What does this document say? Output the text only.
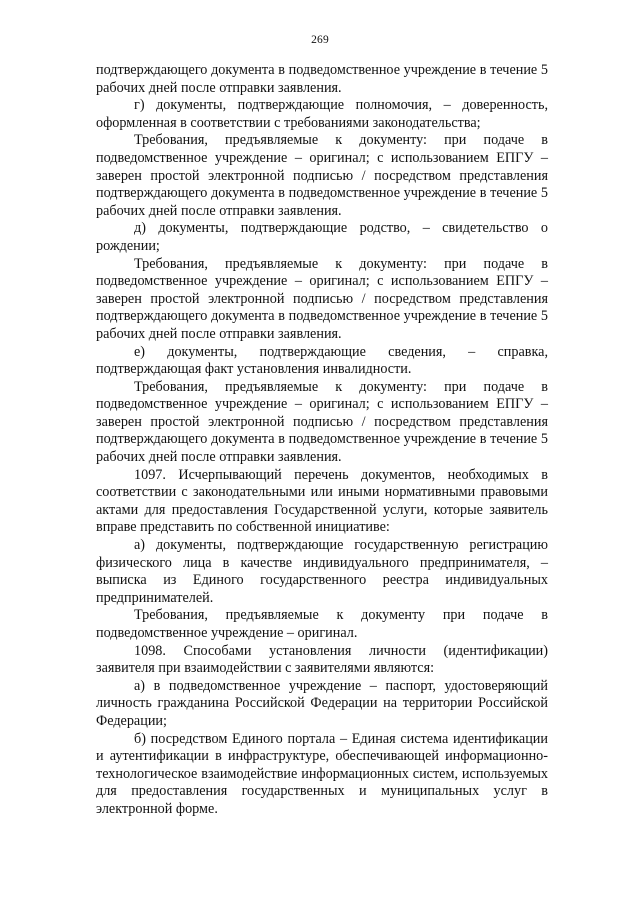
269

подтверждающего документа в подведомственное учреждение в течение 5 рабочих дней после отправки заявления.

г) документы, подтверждающие полномочия, – доверенность, оформленная в соответствии с требованиями законодательства;

Требования, предъявляемые к документу: при подаче в подведомственное учреждение – оригинал; с использованием ЕПГУ – заверен простой электронной подписью / посредством представления подтверждающего документа в подведомственное учреждение в течение 5 рабочих дней после отправки заявления.

д) документы, подтверждающие родство, – свидетельство о рождении;

Требования, предъявляемые к документу: при подаче в подведомственное учреждение – оригинал; с использованием ЕПГУ – заверен простой электронной подписью / посредством представления подтверждающего документа в подведомственное учреждение в течение 5 рабочих дней после отправки заявления.

е) документы, подтверждающие сведения, – справка, подтверждающая факт установления инвалидности.

Требования, предъявляемые к документу: при подаче в подведомственное учреждение – оригинал; с использованием ЕПГУ – заверен простой электронной подписью / посредством представления подтверждающего документа в подведомственное учреждение в течение 5 рабочих дней после отправки заявления.

1097. Исчерпывающий перечень документов, необходимых в соответствии с законодательными или иными нормативными правовыми актами для предоставления Государственной услуги, которые заявитель вправе представить по собственной инициативе:

а) документы, подтверждающие государственную регистрацию физического лица в качестве индивидуального предпринимателя, – выписка из Единого государственного реестра индивидуальных предпринимателей.

Требования, предъявляемые к документу при подаче в подведомственное учреждение – оригинал.

1098. Способами установления личности (идентификации) заявителя при взаимодействии с заявителями являются:

а) в подведомственное учреждение – паспорт, удостоверяющий личность гражданина Российской Федерации на территории Российской Федерации;

б) посредством Единого портала – Единая система идентификации и аутентификации в инфраструктуре, обеспечивающей информационно-технологическое взаимодействие информационных систем, используемых для предоставления государственных и муниципальных услуг в электронной форме.
